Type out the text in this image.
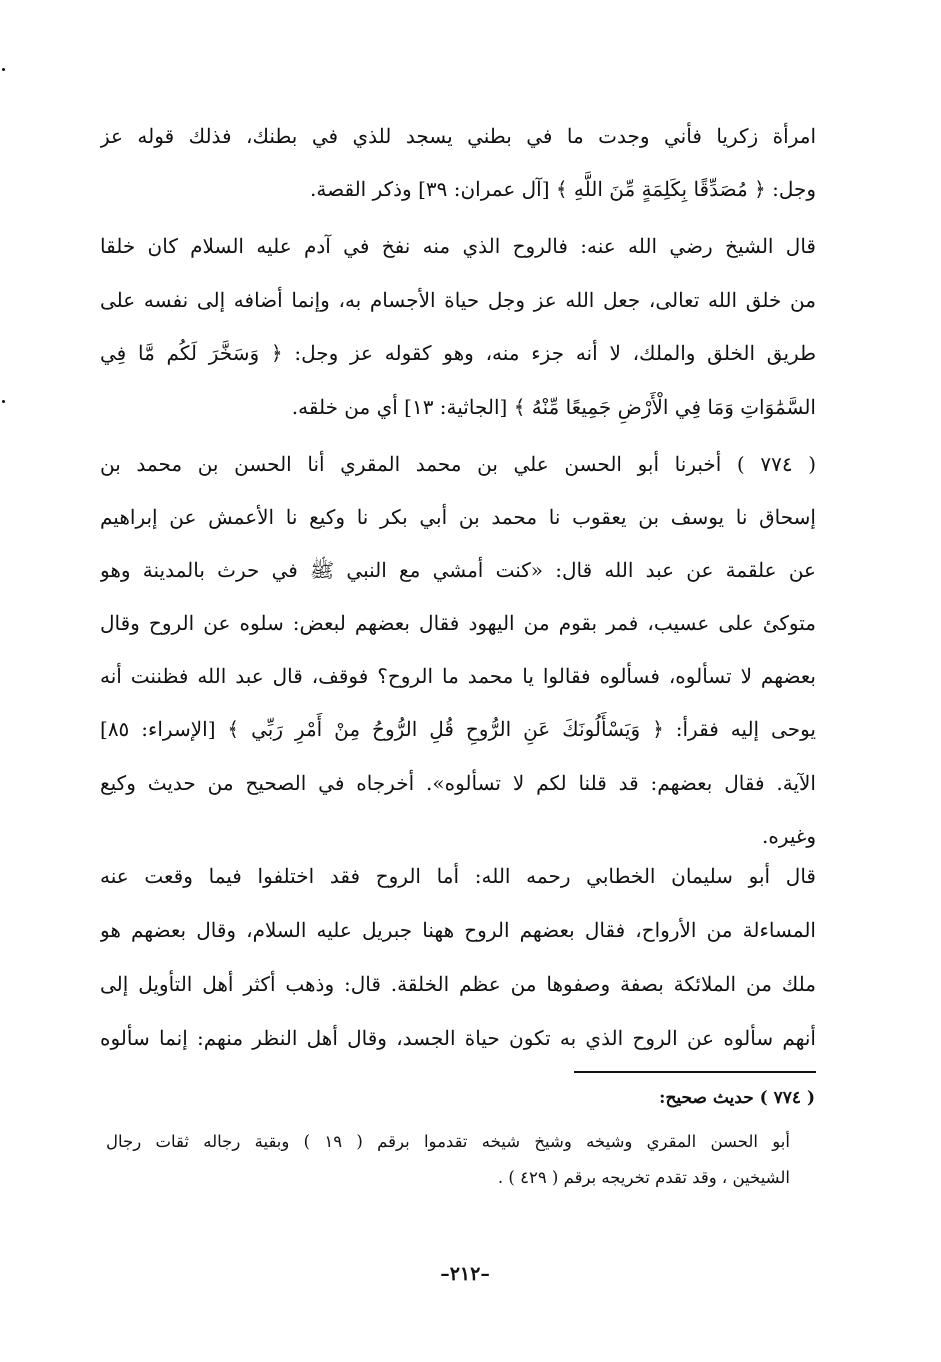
امرأة زكريا فأني وجدت ما في بطني يسجد للذي في بطنك، فذلك قوله عز
وجل: ﴿ مُصَدِّقًا بِكَلِمَةٍ مِّنَ اللَّهِ ﴾ [آل عمران: ٣٩] وذكر القصة.
قال الشيخ رضي الله عنه: فالروح الذي منه نفخ في آدم عليه السلام كان خلقا
من خلق الله تعالى، جعل الله عز وجل حياة الأجسام به، وإنما أضافه إلى نفسه على
طريق الخلق والملك، لا أنه جزء منه، وهو كقوله عز وجل: ﴿ وَسَخَّرَ لَكُم مَّا فِي
السَّمَٰوَاتِ وَمَا فِي الْأَرْضِ جَمِيعًا مِّنْهُ ﴾ [الجاثية: ١٣] أي من خلقه.
( ٧٧٤ ) أخبرنا أبو الحسن علي بن محمد المقري أنا الحسن بن محمد بن
إسحاق نا يوسف بن يعقوب نا محمد بن أبي بكر نا وكيع نا الأعمش عن إبراهيم
عن علقمة عن عبد الله قال: «كنت أمشي مع النبي ﷺ في حرث بالمدينة وهو
متوكئ على عسيب، فمر بقوم من اليهود فقال بعضهم لبعض: سلوه عن الروح وقال
بعضهم لا تسألوه، فسألوه فقالوا يا محمد ما الروح؟ فوقف، قال عبد الله فظننت أنه
يوحى إليه فقرأ: ﴿ وَيَسْأَلُونَكَ عَنِ الرُّوحِ قُلِ الرُّوحُ مِنْ أَمْرِ رَبِّي ﴾ [الإسراء: ٨٥]
الآية. فقال بعضهم: قد قلنا لكم لا تسألوه». أخرجاه في الصحيح من حديث وكيع
وغيره.
قال أبو سليمان الخطابي رحمه الله: أما الروح فقد اختلفوا فيما وقعت عنه
المساءلة من الأرواح، فقال بعضهم الروح ههنا جبريل عليه السلام، وقال بعضهم هو
ملك من الملائكة بصفة وصفوها من عظم الخلقة. قال: وذهب أكثر أهل التأويل إلى
أنهم سألوه عن الروح الذي به تكون حياة الجسد، وقال أهل النظر منهم: إنما سألوه
( ٧٧٤ ) حديث صحيح:
أبو الحسن المقري وشيخه وشيخ شيخه تقدموا برقم ( ١٩ ) وبقية رجاله ثقات رجال
الشيخين ، وقد تقدم تخريجه برقم ( ٤٢٩ ) .
–٢١٢–
